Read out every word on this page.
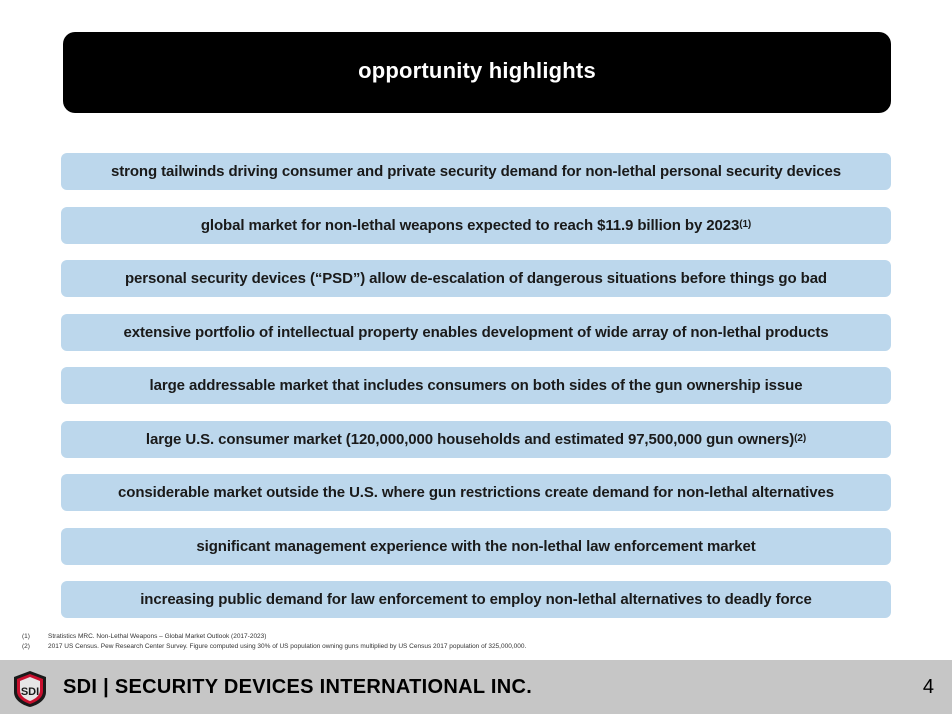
opportunity highlights
strong tailwinds driving consumer and private security demand for non-lethal personal security devices
global market for non-lethal weapons expected to reach $11.9 billion by 2023$^{(1)}$
personal security devices (“PSD”) allow de-escalation of dangerous situations before things go bad
extensive portfolio of intellectual property enables development of wide array of non-lethal products
large addressable market that includes consumers on both sides of the gun ownership issue
large U.S. consumer market (120,000,000 households and estimated 97,500,000 gun owners)$^{(2)}$
considerable market outside the U.S. where gun restrictions create demand for non-lethal alternatives
significant management experience with the non-lethal law enforcement market
increasing public demand for law enforcement to employ non-lethal alternatives to deadly force
(1)	Stratistics MRC. Non-Lethal Weapons – Global Market Outlook (2017-2023)
(2)	2017 US Census. Pew Research Center Survey. Figure computed using 30% of US population owning guns multiplied by US Census 2017 population of 325,000,000.
SDI SDI | SECURITY DEVICES INTERNATIONAL INC.	4
